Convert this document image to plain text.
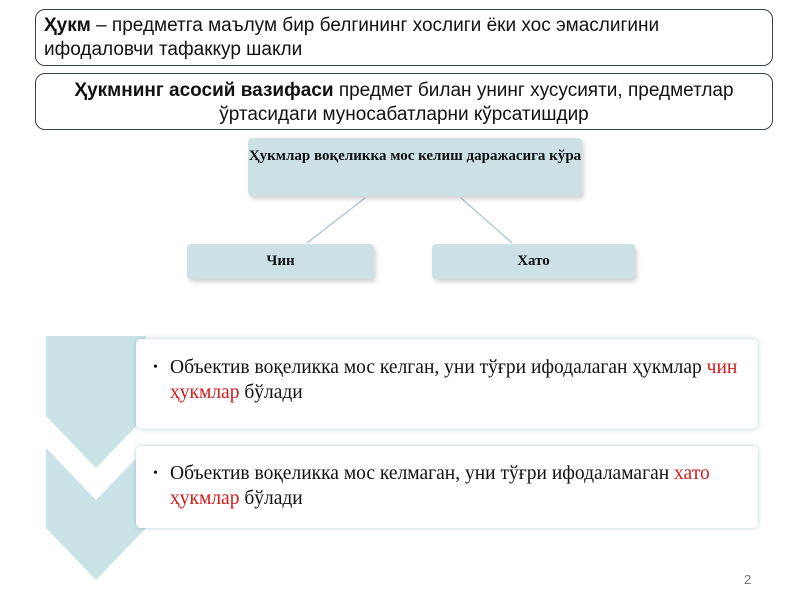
Ҳукм – предметга маълум бир белгининг хослиги ёки хос эмаслигини ифодаловчи тафаккур шакли
Ҳукмнинг асосий вазифаси предмет билан унинг хусусияти, предметлар ўртасидаги муносабатларни кўрсатишдир
Ҳукмлар воқеликка мос келиш даражасига кўра
Чин	Хато
• Объектив воқеликка мос келган, уни тўғри ифодалаган ҳукмлар чин ҳукмлар бўлади
• Объектив воқеликка мос келмаган, уни тўғри ифодаламаган хато ҳукмлар бўлади
2
